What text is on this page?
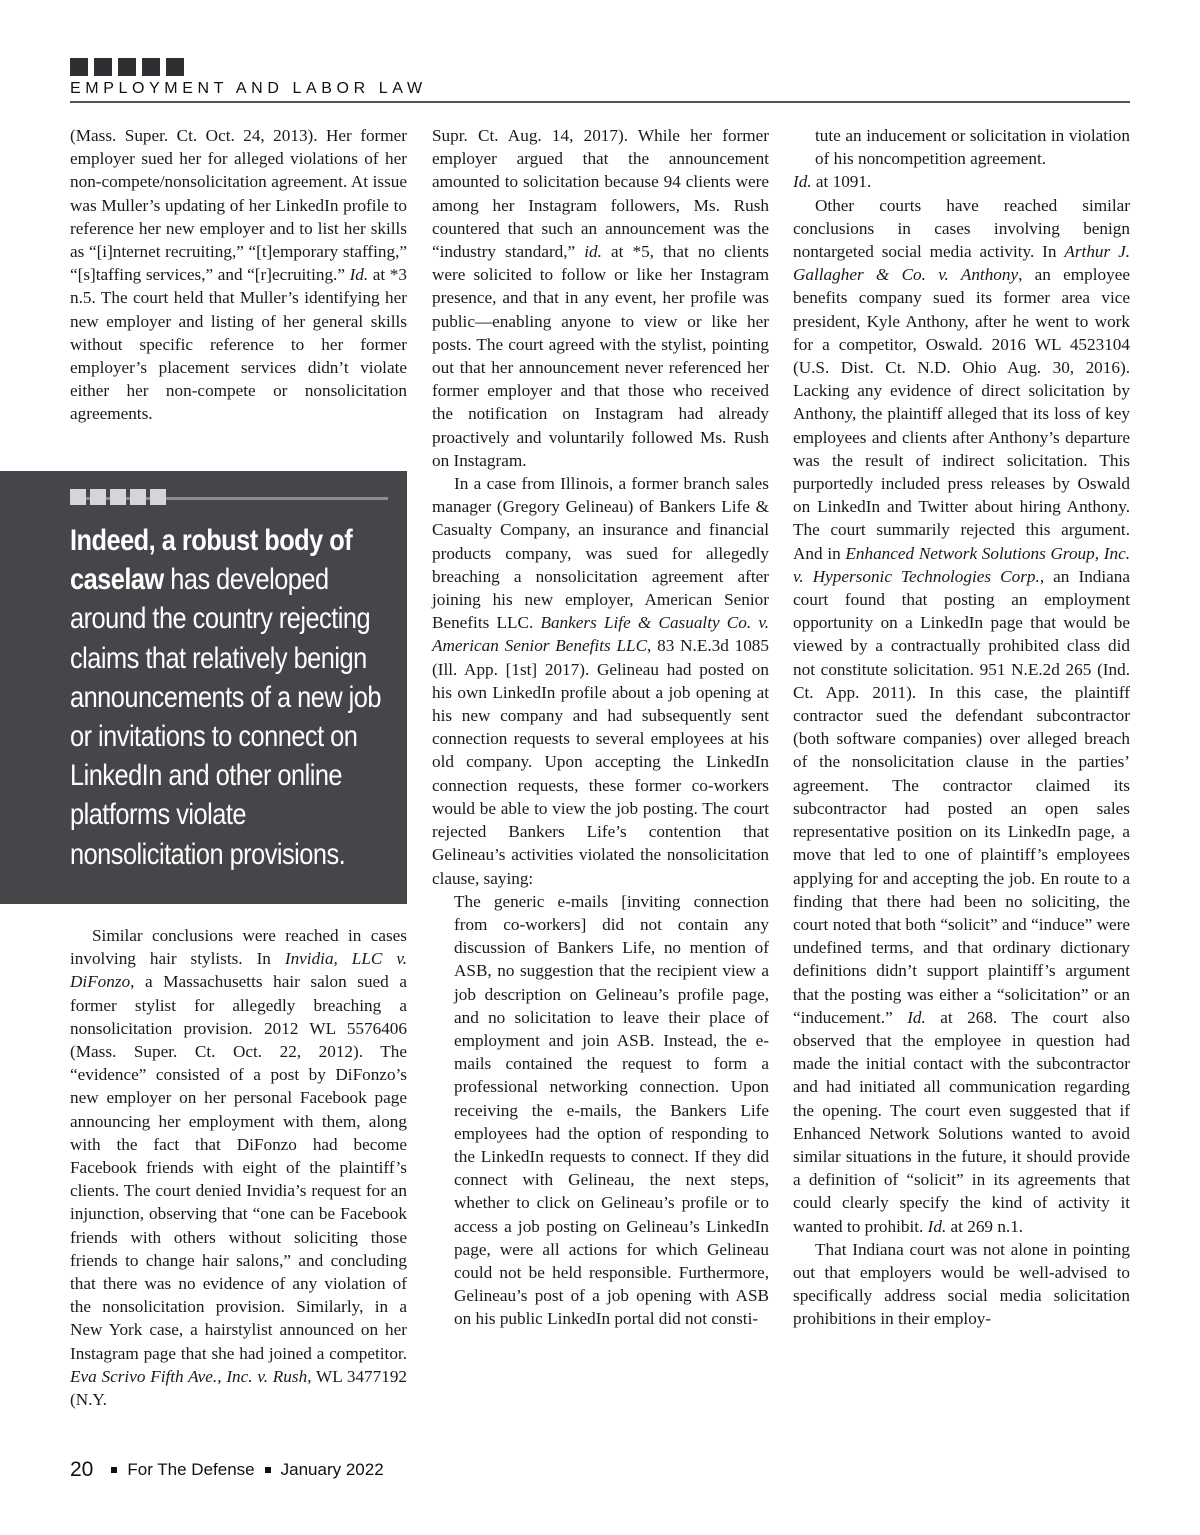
EMPLOYMENT AND LABOR LAW

(Mass. Super. Ct. Oct. 24, 2013). Her former employer sued her for alleged violations of her non-compete/nonsolicitation agreement. At issue was Muller’s updating of her LinkedIn profile to reference her new employer and to list her skills as “[i]nternet recruiting,” “[t]emporary staffing,” “[s]taffing services,” and “[r]ecruiting.” Id. at *3 n.5. The court held that Muller’s identifying her new employer and listing of her general skills without specific reference to her former employer’s placement services didn’t violate either her non-compete or nonsolicitation agreements.

Indeed, a robust body of caselaw has developed around the country rejecting claims that relatively benign announcements of a new job or invitations to connect on LinkedIn and other online platforms violate nonsolicitation provisions.

Similar conclusions were reached in cases involving hair stylists. In Invidia, LLC v. DiFonzo, a Massachusetts hair salon sued a former stylist for allegedly breaching a nonsolicitation provision. 2012 WL 5576406 (Mass. Super. Ct. Oct. 22, 2012). The “evidence” consisted of a post by DiFonzo’s new employer on her personal Facebook page announcing her employment with them, along with the fact that DiFonzo had become Facebook friends with eight of the plaintiff’s clients. The court denied Invidia’s request for an injunction, observing that “one can be Facebook friends with others without soliciting those friends to change hair salons,” and concluding that there was no evidence of any violation of the nonsolicitation provision. Similarly, in a New York case, a hairstylist announced on her Instagram page that she had joined a competitor. Eva Scrivo Fifth Ave., Inc. v. Rush, WL 3477192 (N.Y.

Supr. Ct. Aug. 14, 2017). While her former employer argued that the announcement amounted to solicitation because 94 clients were among her Instagram followers, Ms. Rush countered that such an announcement was the “industry standard,” id. at *5, that no clients were solicited to follow or like her Instagram presence, and that in any event, her profile was public—enabling anyone to view or like her posts. The court agreed with the stylist, pointing out that her announcement never referenced her former employer and that those who received the notification on Instagram had already proactively and voluntarily followed Ms. Rush on Instagram.

In a case from Illinois, a former branch sales manager (Gregory Gelineau) of Bankers Life & Casualty Company, an insurance and financial products company, was sued for allegedly breaching a nonsolicitation agreement after joining his new employer, American Senior Benefits LLC. Bankers Life & Casualty Co. v. American Senior Benefits LLC, 83 N.E.3d 1085 (Ill. App. [1st] 2017). Gelineau had posted on his own LinkedIn profile about a job opening at his new company and had subsequently sent connection requests to several employees at his old company. Upon accepting the LinkedIn connection requests, these former co-workers would be able to view the job posting. The court rejected Bankers Life’s contention that Gelineau’s activities violated the nonsolicitation clause, saying:

The generic e-mails [inviting connection from co-workers] did not contain any discussion of Bankers Life, no mention of ASB, no suggestion that the recipient view a job description on Gelineau’s profile page, and no solicitation to leave their place of employment and join ASB. Instead, the e-mails contained the request to form a professional networking connection. Upon receiving the e-mails, the Bankers Life employees had the option of responding to the LinkedIn requests to connect. If they did connect with Gelineau, the next steps, whether to click on Gelineau’s profile or to access a job posting on Gelineau’s LinkedIn page, were all actions for which Gelineau could not be held responsible. Furthermore, Gelineau’s post of a job opening with ASB on his public LinkedIn portal did not consti-

tute an inducement or solicitation in violation of his noncompetition agreement.

Id. at 1091.

Other courts have reached similar conclusions in cases involving benign nontargeted social media activity. In Arthur J. Gallagher & Co. v. Anthony, an employee benefits company sued its former area vice president, Kyle Anthony, after he went to work for a competitor, Oswald. 2016 WL 4523104 (U.S. Dist. Ct. N.D. Ohio Aug. 30, 2016). Lacking any evidence of direct solicitation by Anthony, the plaintiff alleged that its loss of key employees and clients after Anthony’s departure was the result of indirect solicitation. This purportedly included press releases by Oswald on LinkedIn and Twitter about hiring Anthony. The court summarily rejected this argument. And in Enhanced Network Solutions Group, Inc. v. Hypersonic Technologies Corp., an Indiana court found that posting an employment opportunity on a LinkedIn page that would be viewed by a contractually prohibited class did not constitute solicitation. 951 N.E.2d 265 (Ind. Ct. App. 2011). In this case, the plaintiff contractor sued the defendant subcontractor (both software companies) over alleged breach of the nonsolicitation clause in the parties’ agreement. The contractor claimed its subcontractor had posted an open sales representative position on its LinkedIn page, a move that led to one of plaintiff’s employees applying for and accepting the job. En route to a finding that there had been no soliciting, the court noted that both “solicit” and “induce” were undefined terms, and that ordinary dictionary definitions didn’t support plaintiff’s argument that the posting was either a “solicitation” or an “inducement.” Id. at 268. The court also observed that the employee in question had made the initial contact with the subcontractor and had initiated all communication regarding the opening. The court even suggested that if Enhanced Network Solutions wanted to avoid similar situations in the future, it should provide a definition of “solicit” in its agreements that could clearly specify the kind of activity it wanted to prohibit. Id. at 269 n.1.

That Indiana court was not alone in pointing out that employers would be well-advised to specifically address social media solicitation prohibitions in their employ-

20 For The Defense January 2022
